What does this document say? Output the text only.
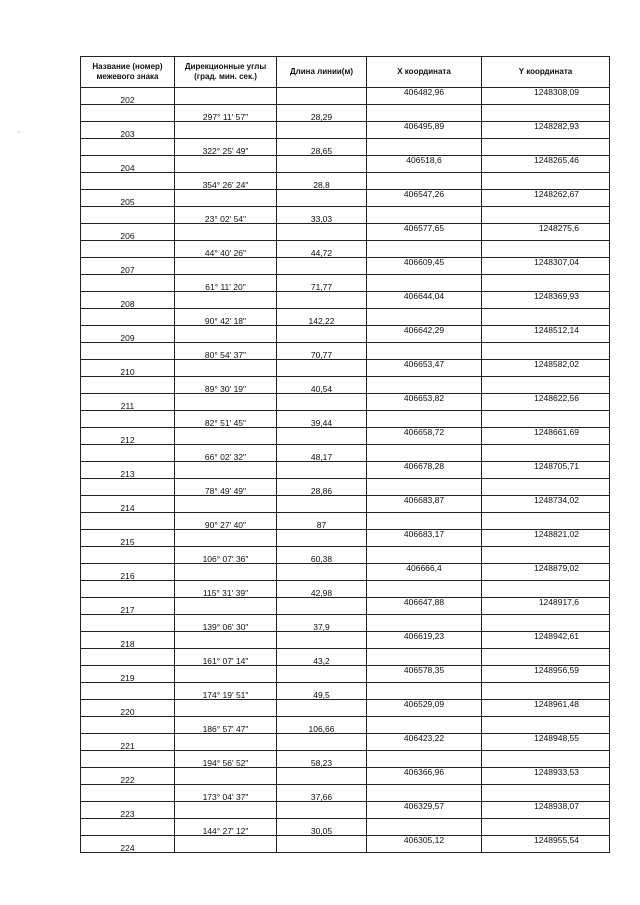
Название (номер) межевого знака	Дирекционные углы (град. мин. сек.)	Длина линии(м)	X координата	Y координата
202			406482,96	1248308,09
	297° 11' 57"	28,29		
203			406495,89	1248282,93
	322° 25' 49"	28,65		
204			406518,6	1248265,46
	354° 26' 24"	28,8		
205			406547,26	1248262,67
	23° 02' 54"	33,03		
206			406577,65	1248275,6
	44° 40' 26"	44,72		
207			406609,45	1248307,04
	61° 11' 20"	71,77		
208			406644,04	1248369,93
	90° 42' 18"	142,22		
209			406642,29	1248512,14
	80° 54' 37"	70,77		
210			406653,47	1248582,02
	89° 30' 19"	40,54		
211			406653,82	1248622,56
	82° 51' 45"	39,44		
212			406658,72	1248661,69
	66° 02' 32"	48,17		
213			406678,28	1248705,71
	78° 49' 49"	28,86		
214			406683,87	1248734,02
	90° 27' 40"	87		
215			406683,17	1248821,02
	106° 07' 36"	60,38		
216			406666,4	1248879,02
	115° 31' 39"	42,98		
217			406647,88	1248917,6
	139° 06' 30"	37,9		
218			406619,23	1248942,61
	161° 07' 14"	43,2		
219			406578,35	1248956,59
	174° 19' 51"	49,5		
220			406529,09	1248961,48
	186° 57' 47"	106,66		
221			406423,22	1248948,55
	194° 56' 52"	58,23		
222			406366,96	1248933,53
	173° 04' 37"	37,66		
223			406329,57	1248938,07
	144° 27' 12"	30,05		
224			406305,12	1248955,54
